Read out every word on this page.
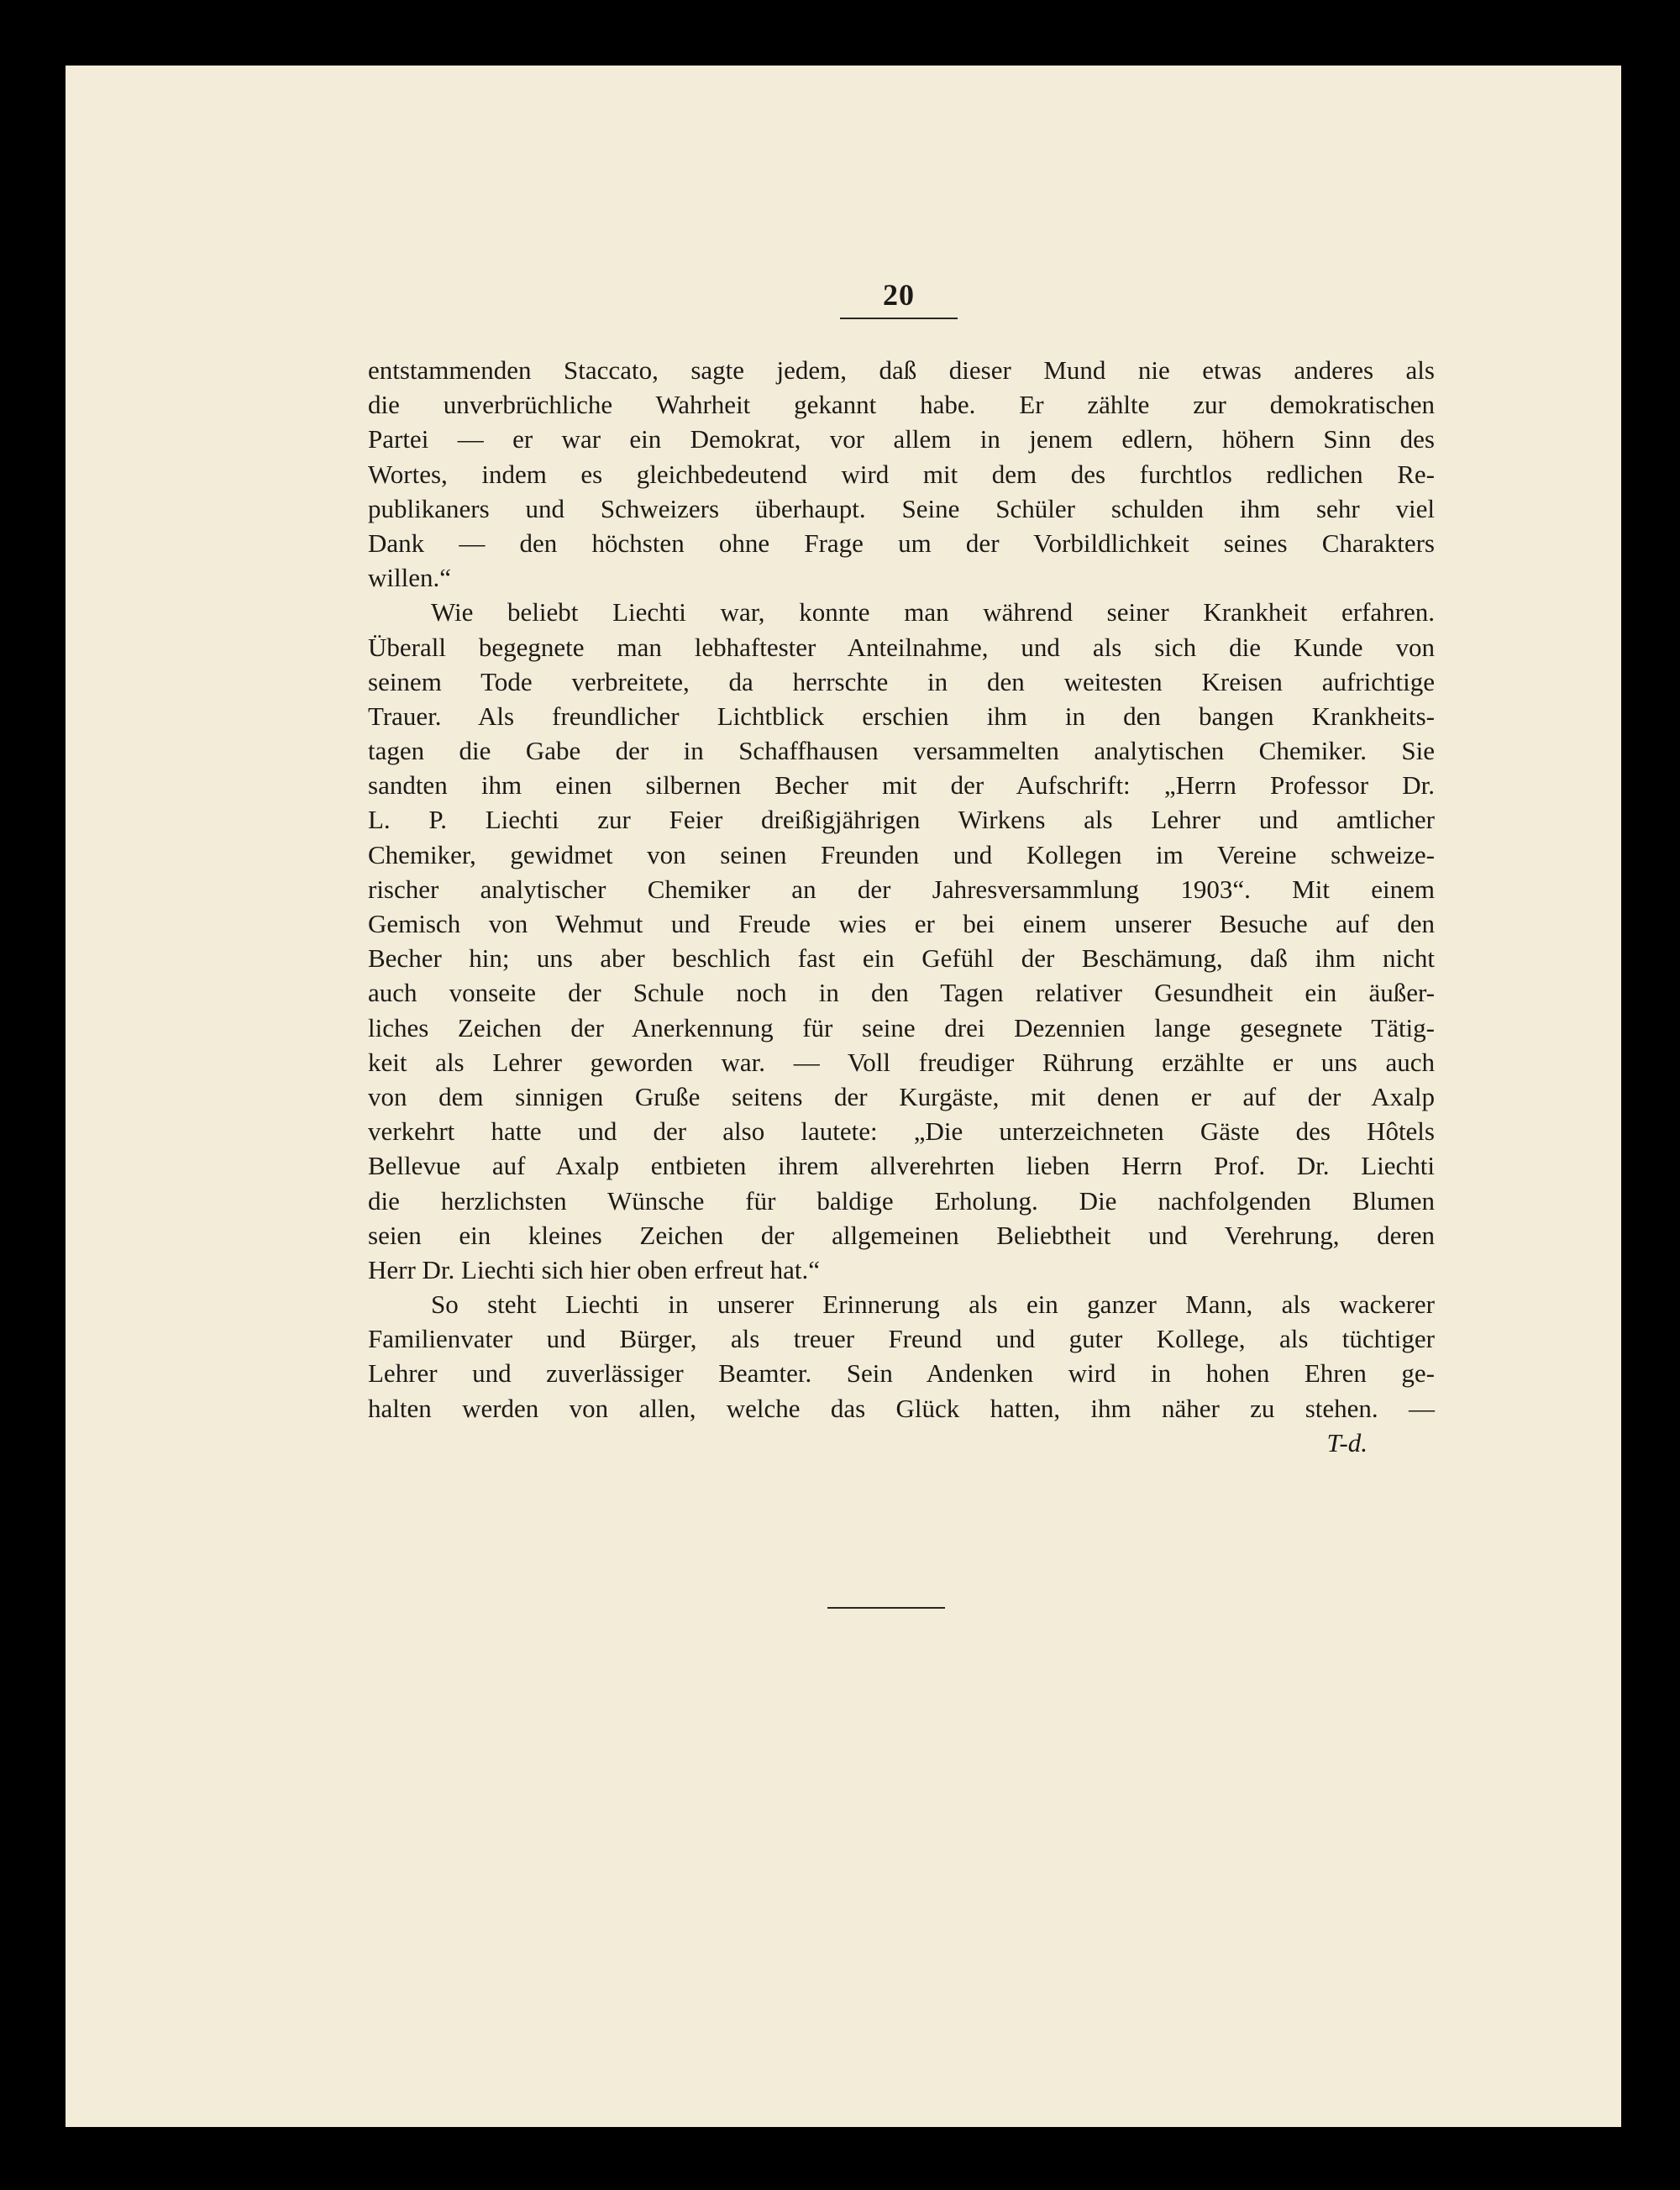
20
entstammenden Staccato, sagte jedem, daß dieser Mund nie etwas anderes als
die unverbrüchliche Wahrheit gekannt habe. Er zählte zur demokratischen
Partei — er war ein Demokrat, vor allem in jenem edlern, höhern Sinn des
Wortes, indem es gleichbedeutend wird mit dem des furchtlos redlichen Re-
publikaners und Schweizers überhaupt. Seine Schüler schulden ihm sehr viel
Dank — den höchsten ohne Frage um der Vorbildlichkeit seines Charakters
willen.“
Wie beliebt Liechti war, konnte man während seiner Krankheit erfahren.
Überall begegnete man lebhaftester Anteilnahme, und als sich die Kunde von
seinem Tode verbreitete, da herrschte in den weitesten Kreisen aufrichtige
Trauer. Als freundlicher Lichtblick erschien ihm in den bangen Krankheits-
tagen die Gabe der in Schaffhausen versammelten analytischen Chemiker. Sie
sandten ihm einen silbernen Becher mit der Aufschrift: „Herrn Professor Dr.
L. P. Liechti zur Feier dreißigjährigen Wirkens als Lehrer und amtlicher
Chemiker, gewidmet von seinen Freunden und Kollegen im Vereine schweize-
rischer analytischer Chemiker an der Jahresversammlung 1903“. Mit einem
Gemisch von Wehmut und Freude wies er bei einem unserer Besuche auf den
Becher hin; uns aber beschlich fast ein Gefühl der Beschämung, daß ihm nicht
auch vonseite der Schule noch in den Tagen relativer Gesundheit ein äußer-
liches Zeichen der Anerkennung für seine drei Dezennien lange gesegnete Tätig-
keit als Lehrer geworden war. — Voll freudiger Rührung erzählte er uns auch
von dem sinnigen Gruße seitens der Kurgäste, mit denen er auf der Axalp
verkehrt hatte und der also lautete: „Die unterzeichneten Gäste des Hôtels
Bellevue auf Axalp entbieten ihrem allverehrten lieben Herrn Prof. Dr. Liechti
die herzlichsten Wünsche für baldige Erholung. Die nachfolgenden Blumen
seien ein kleines Zeichen der allgemeinen Beliebtheit und Verehrung, deren
Herr Dr. Liechti sich hier oben erfreut hat.“
So steht Liechti in unserer Erinnerung als ein ganzer Mann, als wackerer
Familienvater und Bürger, als treuer Freund und guter Kollege, als tüchtiger
Lehrer und zuverlässiger Beamter. Sein Andenken wird in hohen Ehren ge-
halten werden von allen, welche das Glück hatten, ihm näher zu stehen. —
T-d.
